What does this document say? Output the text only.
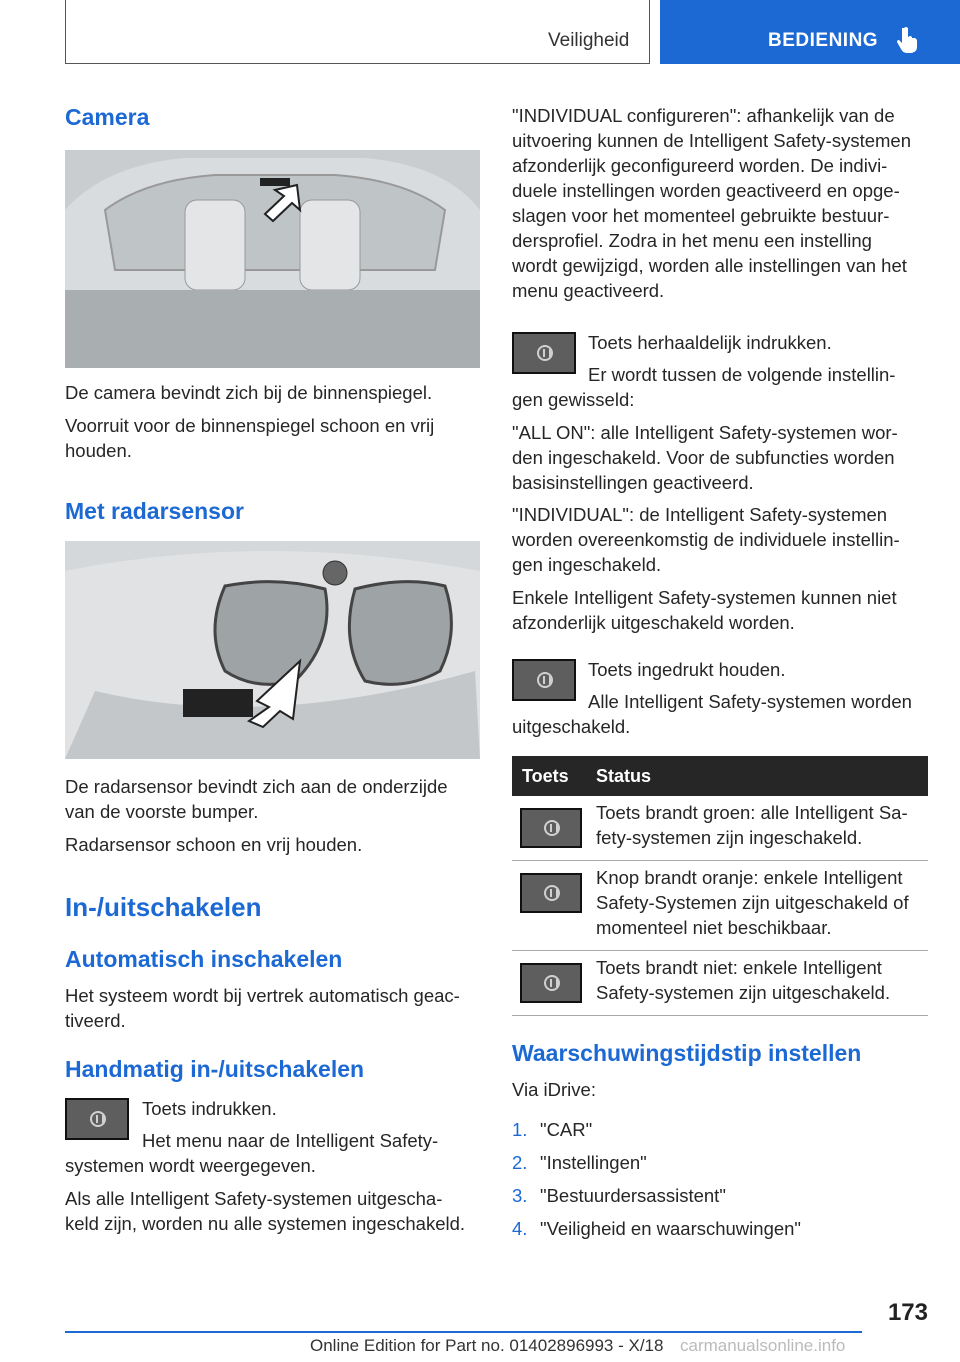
Veiligheid	BEDIENING
Camera
De camera bevindt zich bij de binnenspiegel.
Voorruit voor de binnenspiegel schoon en vrij
houden.
Met radarsensor
De radarsensor bevindt zich aan de onderzijde
van de voorste bumper.
Radarsensor schoon en vrij houden.
In-/uitschakelen
Automatisch inschakelen
Het systeem wordt bij vertrek automatisch geac-
tiveerd.
Handmatig in-/uitschakelen
Toets indrukken.
Het menu naar de Intelligent Safety-
systemen wordt weergegeven.
Als alle Intelligent Safety-systemen uitgescha-
keld zijn, worden nu alle systemen ingeschakeld.
"INDIVIDUAL configureren": afhankelijk van de
uitvoering kunnen de Intelligent Safety-systemen
afzonderlijk geconfigureerd worden. De indivi-
duele instellingen worden geactiveerd en opge-
slagen voor het momenteel gebruikte bestuur-
dersprofiel. Zodra in het menu een instelling
wordt gewijzigd, worden alle instellingen van het
menu geactiveerd.
Toets herhaaldelijk indrukken.
Er wordt tussen de volgende instellin-
gen gewisseld:
"ALL ON": alle Intelligent Safety-systemen wor-
den ingeschakeld. Voor de subfuncties worden
basisinstellingen geactiveerd.
"INDIVIDUAL": de Intelligent Safety-systemen
worden overeenkomstig de individuele instellin-
gen ingeschakeld.
Enkele Intelligent Safety-systemen kunnen niet
afzonderlijk uitgeschakeld worden.
Toets ingedrukt houden.
Alle Intelligent Safety-systemen worden
uitgeschakeld.
Toets	Status

	Toets brandt groen: alle Intelligent Sa-
fety-systemen zijn ingeschakeld.

	Knop brandt oranje: enkele Intelligent
Safety-Systemen zijn uitgeschakeld of
momenteel niet beschikbaar.

	Toets brandt niet: enkele Intelligent
Safety-systemen zijn uitgeschakeld.
Waarschuwingstijdstip instellen
Via iDrive:
1. "CAR"
2. "Instellingen"
3. "Bestuurdersassistent"
4. "Veiligheid en waarschuwingen"
173
Online Edition for Part no. 01402896993 - X/18 carmanualsonline.info
